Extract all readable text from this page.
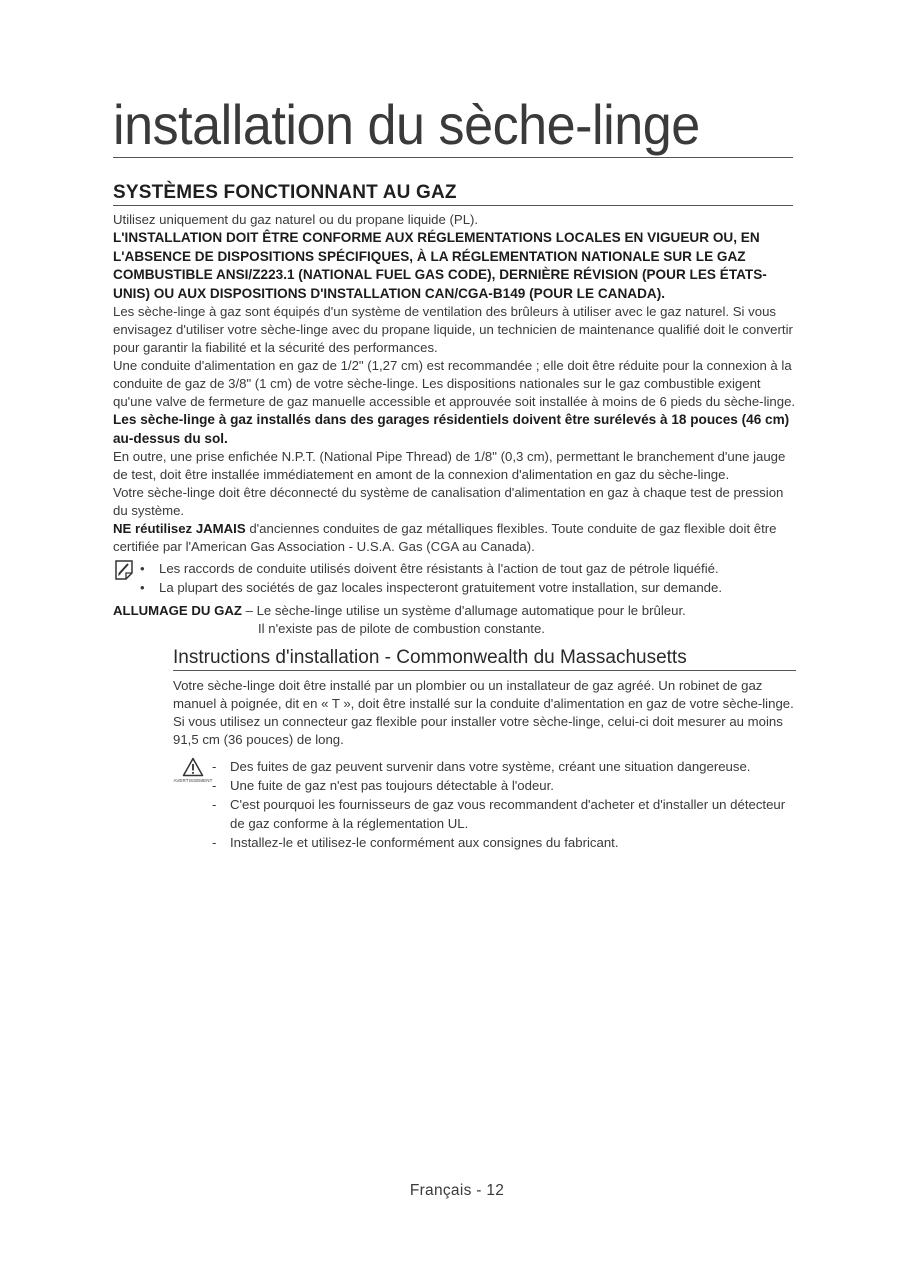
installation du sèche-linge
SYSTÈMES FONCTIONNANT AU GAZ

Utilisez uniquement du gaz naturel ou du propane liquide (PL).

L'INSTALLATION DOIT ÊTRE CONFORME AUX RÉGLEMENTATIONS LOCALES EN VIGUEUR OU, EN L'ABSENCE DE DISPOSITIONS SPÉCIFIQUES, À LA RÉGLEMENTATION NATIONALE SUR LE GAZ COMBUSTIBLE ANSI/Z223.1 (NATIONAL FUEL GAS CODE), DERNIÈRE RÉVISION (POUR LES ÉTATS-UNIS) OU AUX DISPOSITIONS D'INSTALLATION CAN/CGA-B149 (POUR LE CANADA).

Les sèche-linge à gaz sont équipés d'un système de ventilation des brûleurs à utiliser avec le gaz naturel. Si vous envisagez d'utiliser votre sèche-linge avec du propane liquide, un technicien de maintenance qualifié doit le convertir pour garantir la fiabilité et la sécurité des performances.

Une conduite d'alimentation en gaz de 1/2" (1,27 cm) est recommandée ; elle doit être réduite pour la connexion à la conduite de gaz de 3/8" (1 cm) de votre sèche-linge. Les dispositions nationales sur le gaz combustible exigent qu'une valve de fermeture de gaz manuelle accessible et approuvée soit installée à moins de 6 pieds du sèche-linge.

Les sèche-linge à gaz installés dans des garages résidentiels doivent être surélevés à 18 pouces (46 cm) au-dessus du sol.

En outre, une prise enfichée N.P.T. (National Pipe Thread) de 1/8" (0,3 cm), permettant le branchement d'une jauge de test, doit être installée immédiatement en amont de la connexion d'alimentation en gaz du sèche-linge.

Votre sèche-linge doit être déconnecté du système de canalisation d'alimentation en gaz à chaque test de pression du système.

NE réutilisez JAMAIS d'anciennes conduites de gaz métalliques flexibles. Toute conduite de gaz flexible doit être certifiée par l'American Gas Association - U.S.A. Gas (CGA au Canada).

• Les raccords de conduite utilisés doivent être résistants à l'action de tout gaz de pétrole liquéfié.
• La plupart des sociétés de gaz locales inspecteront gratuitement votre installation, sur demande.

ALLUMAGE DU GAZ – Le sèche-linge utilise un système d'allumage automatique pour le brûleur.

Il n'existe pas de pilote de combustion constante.

Instructions d'installation - Commonwealth du Massachusetts

Votre sèche-linge doit être installé par un plombier ou un installateur de gaz agréé. Un robinet de gaz manuel à poignée, dit en « T », doit être installé sur la conduite d'alimentation en gaz de votre sèche-linge. Si vous utilisez un connecteur gaz flexible pour installer votre sèche-linge, celui-ci doit mesurer au moins 91,5 cm (36 pouces) de long.

AVERTISSEMENT
- Des fuites de gaz peuvent survenir dans votre système, créant une situation dangereuse.
- Une fuite de gaz n'est pas toujours détectable à l'odeur.
- C'est pourquoi les fournisseurs de gaz vous recommandent d'acheter et d'installer un détecteur de gaz conforme à la réglementation UL.
- Installez-le et utilisez-le conformément aux consignes du fabricant.
Français - 12
